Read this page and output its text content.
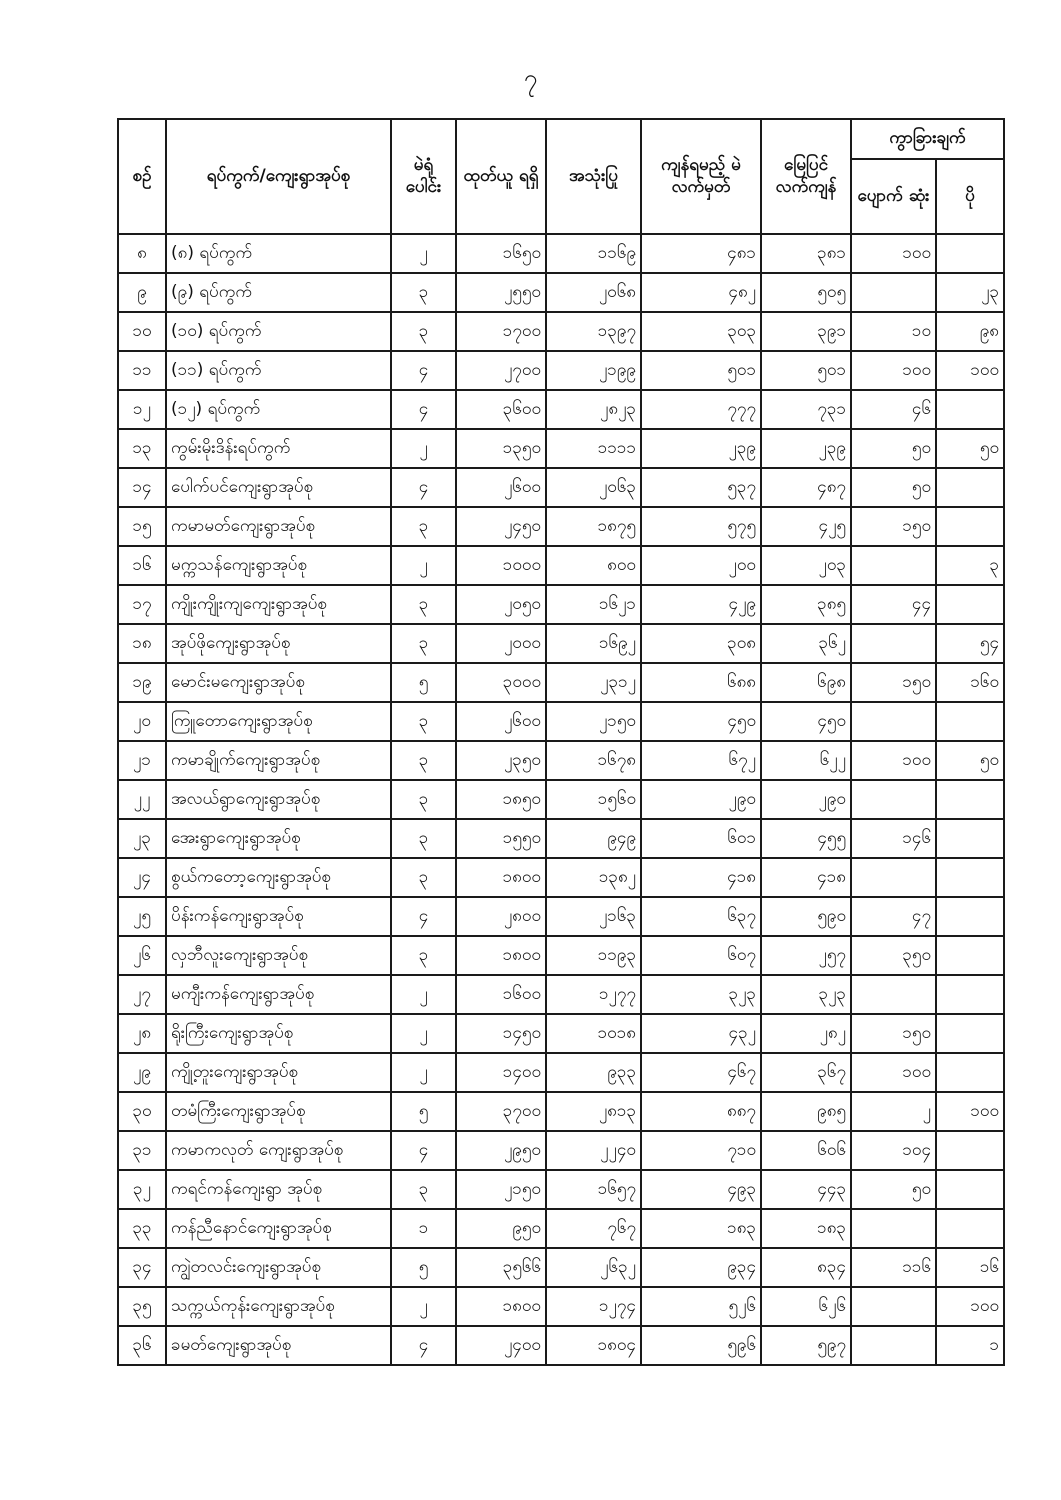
၇
စဉ်	ရပ်ကွက်/ကျေးရွာအုပ်စု	မဲရုံ ပေါင်း	ထုတ်ယူ ရရှိ	အသုံးပြု	ကျန်ရမည့် မဲလက်မှတ်	မြေပြင် လက်ကျန်	ကွာခြားချက်	
							ပျောက် ဆုံး	ပို
၈	(၈) ရပ်ကွက်	၂	၁၆၅၀	၁၁၆၉	၄၈၁	၃၈၁	၁၀၀	
၉	(၉) ရပ်ကွက်	၃	၂၅၅၀	၂၀၆၈	၄၈၂	၅၀၅		၂၃
၁၀	(၁၀) ရပ်ကွက်	၃	၁၇၀၀	၁၃၉၇	၃၀၃	၃၉၁	၁၀	၉၈
၁၁	(၁၁) ရပ်ကွက်	၄	၂၇၀၀	၂၁၉၉	၅၀၁	၅၀၁	၁၀၀	၁၀၀
၁၂	(၁၂) ရပ်ကွက်	၄	၃၆၀၀	၂၈၂၃	၇၇၇	၇၃၁	၄၆	
၁၃	ကွမ်းမိုးဒိန်းရပ်ကွက်	၂	၁၃၅၀	၁၁၁၁	၂၃၉	၂၃၉	၅၀	၅၀
၁၄	ပေါက်ပင်ကျေးရွာအုပ်စု	၄	၂၆၀၀	၂၀၆၃	၅၃၇	၄၈၇	၅၀	
၁၅	ကမာမတ်ကျေးရွာအုပ်စု	၃	၂၄၅၀	၁၈၇၅	၅၇၅	၄၂၅	၁၅၀	
၁၆	မက္ကသန်ကျေးရွာအုပ်စု	၂	၁၀၀၀	၈၀၀	၂၀၀	၂၀၃		၃
၁၇	ကျိုးကျိုးကျကျေးရွာအုပ်စု	၃	၂၀၅၀	၁၆၂၁	၄၂၉	၃၈၅	၄၄	
၁၈	အုပ်ဖိုကျေးရွာအုပ်စု	၃	၂၀၀၀	၁၆၉၂	၃၀၈	၃၆၂		၅၄
၁၉	မောင်းမကျေးရွာအုပ်စု	၅	၃၀၀၀	၂၃၁၂	၆၈၈	၆၉၈	၁၅၀	၁၆၀
၂၀	ကြူတောကျေးရွာအုပ်စု	၃	၂၆၀၀	၂၁၅၀	၄၅၀	၄၅၀		
၂၁	ကမာချိုက်ကျေးရွာအုပ်စု	၃	၂၃၅၀	၁၆၇၈	၆၇၂	၆၂၂	၁၀၀	၅၀
၂၂	အလယ်ရွာကျေးရွာအုပ်စု	၃	၁၈၅၀	၁၅၆၀	၂၉၀	၂၉၀		
၂၃	အေးရွာကျေးရွာအုပ်စု	၃	၁၅၅၀	၉၄၉	၆၀၁	၄၅၅	၁၄၆	
၂၄	စွယ်ကတော့ကျေးရွာအုပ်စု	၃	၁၈၀၀	၁၃၈၂	၄၁၈	၄၁၈		
၂၅	ပိန်းကန်ကျေးရွာအုပ်စု	၄	၂၈၀၀	၂၁၆၃	၆၃၇	၅၉၀	၄၇	
၂၆	လှဘီလူးကျေးရွာအုပ်စု	၃	၁၈၀၀	၁၁၉၃	၆၀၇	၂၅၇	၃၅၀	
၂၇	မကျီးကန်ကျေးရွာအုပ်စု	၂	၁၆၀၀	၁၂၇၇	၃၂၃	၃၂၃		
၂၈	ရိုးကြီးကျေးရွာအုပ်စု	၂	၁၄၅၀	၁၀၁၈	၄၃၂	၂၈၂	၁၅၀	
၂၉	ကျို့တူးကျေးရွာအုပ်စု	၂	၁၄၀၀	၉၃၃	၄၆၇	၃၆၇	၁၀၀	
၃၀	တမံကြီးကျေးရွာအုပ်စု	၅	၃၇၀၀	၂၈၁၃	၈၈၇	၉၈၅	၂	၁၀၀
၃၁	ကမာကလုတ် ကျေးရွာအုပ်စု	၄	၂၉၅၀	၂၂၄၀	၇၁၀	၆၀၆	၁၀၄	
၃၂	ကရင်ကန်ကျေးရွာ အုပ်စု	၃	၂၁၅၀	၁၆၅၇	၄၉၃	၄၄၃	၅၀	
၃၃	ကန်ညီနောင်ကျေးရွာအုပ်စု	၁	၉၅၀	၇၆၇	၁၈၃	၁၈၃		
၃၄	ကျွဲတလင်းကျေးရွာအုပ်စု	၅	၃၅၆၆	၂၆၃၂	၉၃၄	၈၃၄	၁၁၆	၁၆
၃၅	သက္ကယ်ကုန်းကျေးရွာအုပ်စု	၂	၁၈၀၀	၁၂၇၄	၅၂၆	၆၂၆		၁၀၀
၃၆	ခမတ်ကျေးရွာအုပ်စု	၄	၂၄၀၀	၁၈၀၄	၅၉၆	၅၉၇		၁
